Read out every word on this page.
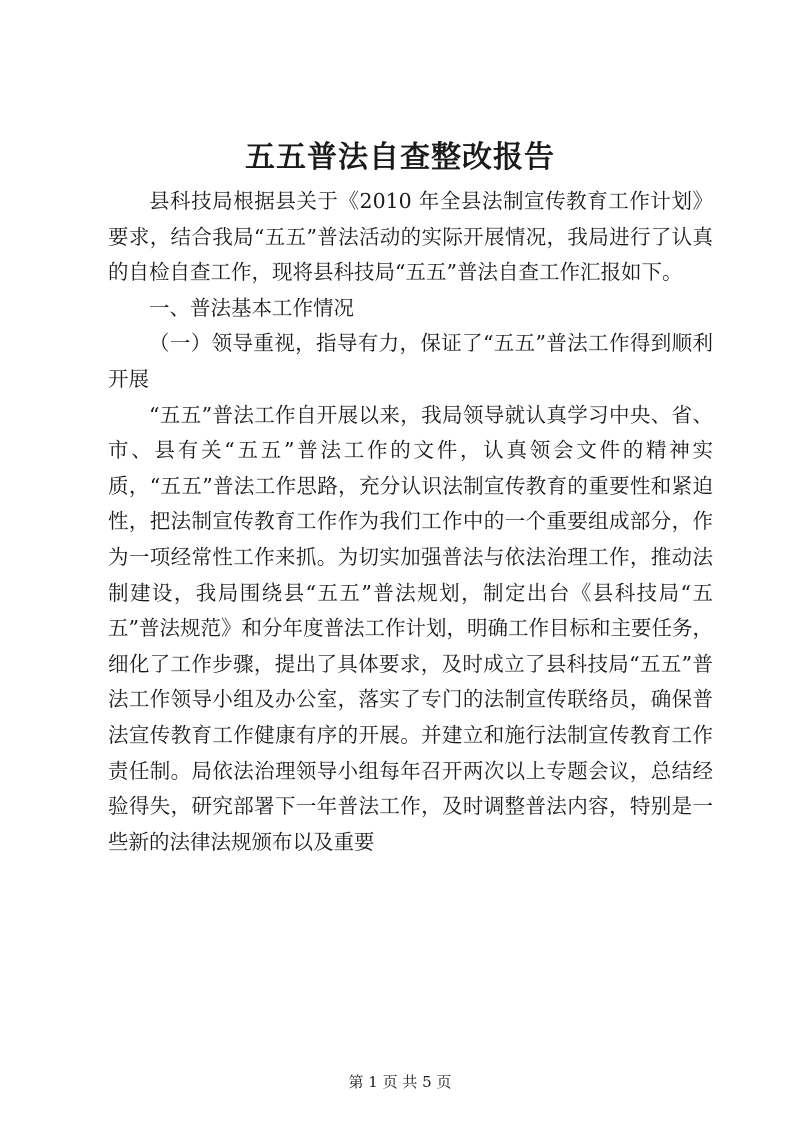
五五普法自查整改报告

县科技局根据县关于《2010 年全县法制宣传教育工作计划》要求，结合我局“五五”普法活动的实际开展情况，我局进行了认真的自检自查工作，现将县科技局“五五”普法自查工作汇报如下。

一、普法基本工作情况

（一）领导重视，指导有力，保证了“五五”普法工作得到顺利开展

“五五”普法工作自开展以来，我局领导就认真学习中央、省、市、县有关“五五”普法工作的文件，认真领会文件的精神实质，“五五”普法工作思路，充分认识法制宣传教育的重要性和紧迫性，把法制宣传教育工作作为我们工作中的一个重要组成部分，作为一项经常性工作来抓。为切实加强普法与依法治理工作，推动法制建设，我局围绕县“五五”普法规划，制定出台《县科技局“五五”普法规范》和分年度普法工作计划，明确工作目标和主要任务，细化了工作步骤，提出了具体要求，及时成立了县科技局“五五”普法工作领导小组及办公室，落实了专门的法制宣传联络员，确保普法宣传教育工作健康有序的开展。并建立和施行法制宣传教育工作责任制。局依法治理领导小组每年召开两次以上专题会议，总结经验得失，研究部署下一年普法工作，及时调整普法内容，特别是一些新的法律法规颁布以及重要

第 1 页 共 5 页
